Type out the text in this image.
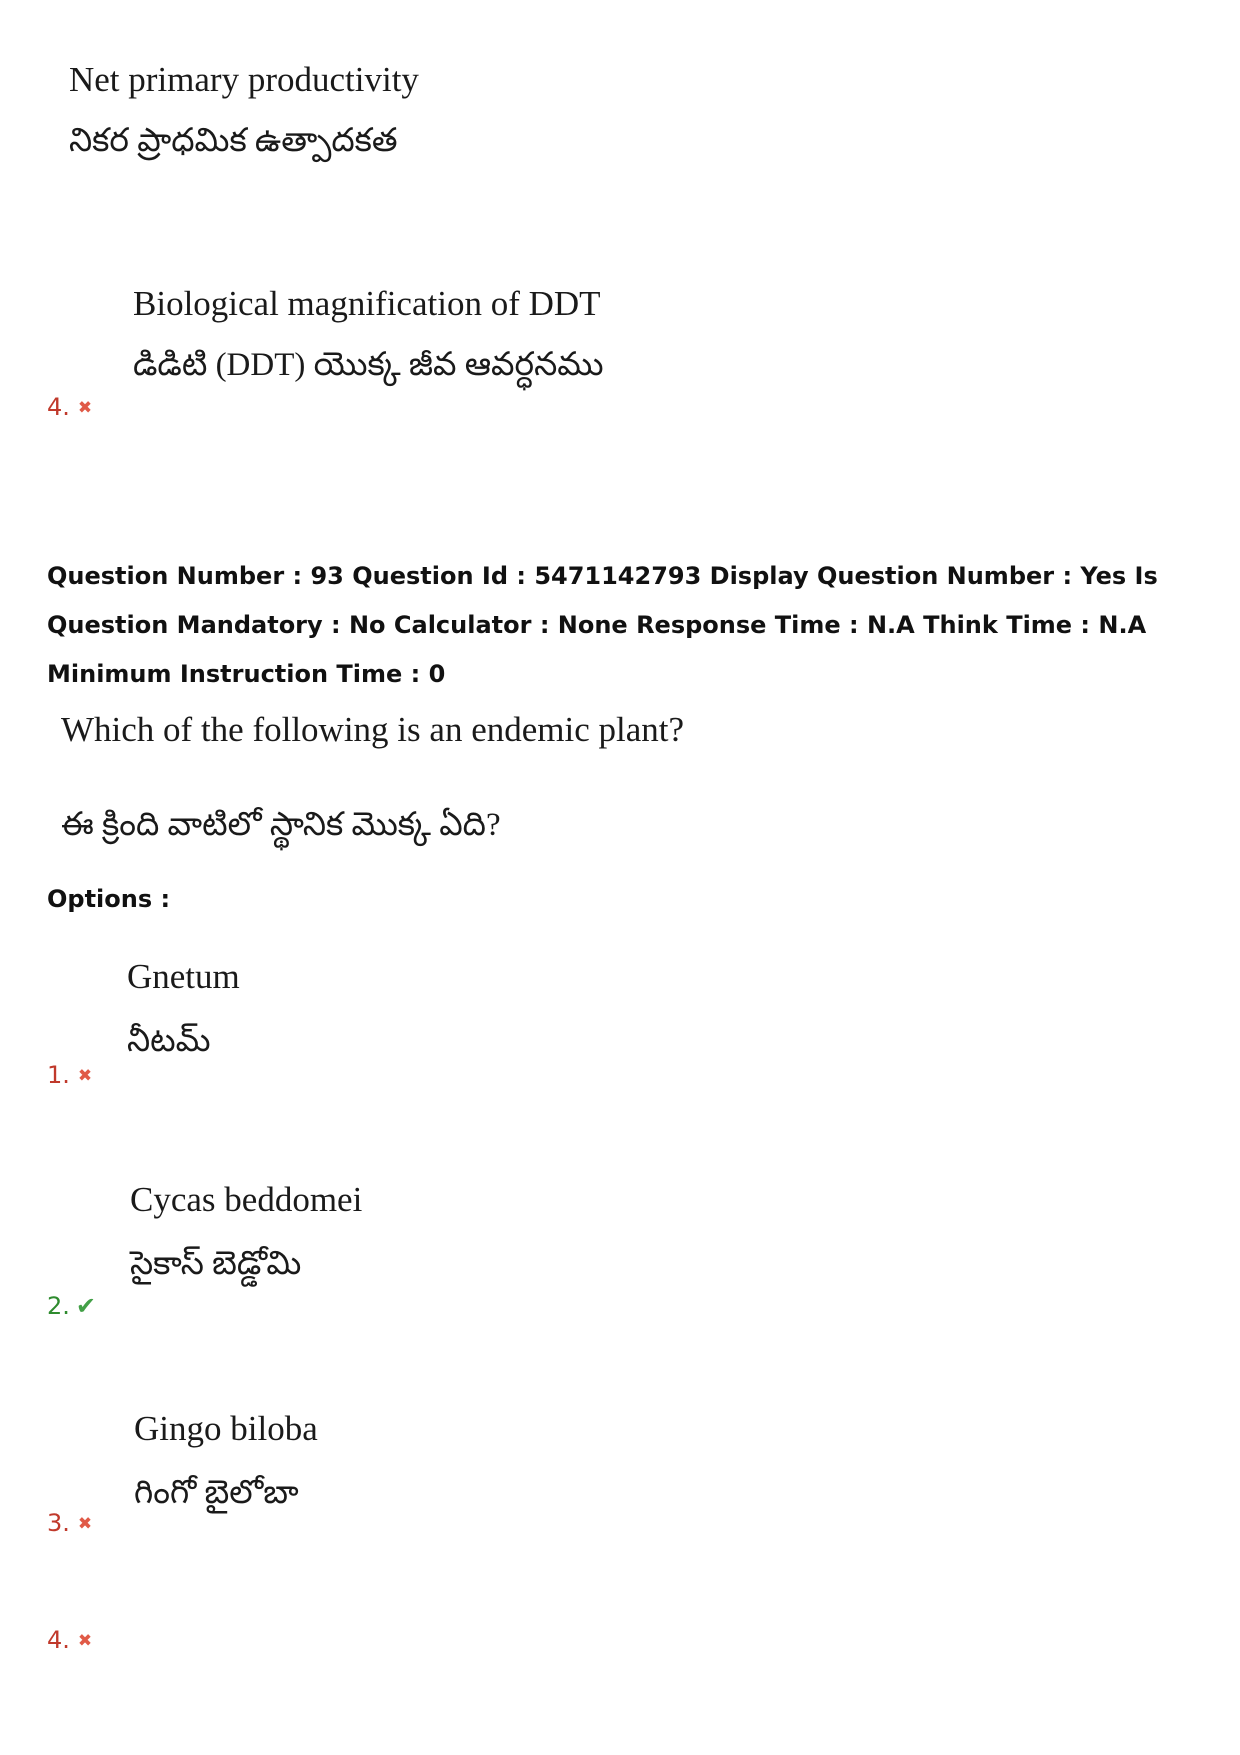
Net primary productivity
నికర ప్రాధమిక ఉత్పాదకత
Biological magnification of DDT
డిడిటి (DDT) యొక్క జీవ ఆవర్ధనము
4. ✖
Question Number : 93 Question Id : 5471142793 Display Question Number : Yes Is Question Mandatory : No Calculator : None Response Time : N.A Think Time : N.A Minimum Instruction Time : 0
Which of the following is an endemic plant?
ఈ క్రింది వాటిలో స్థానిక మొక్క ఏది?
Options :
Gnetum
నీటమ్
1. ✖
Cycas beddomei
సైకాస్ బెడ్డోమి
2. ✔
Gingo biloba
గింగో బైలోబా
3. ✖
4. ✖
